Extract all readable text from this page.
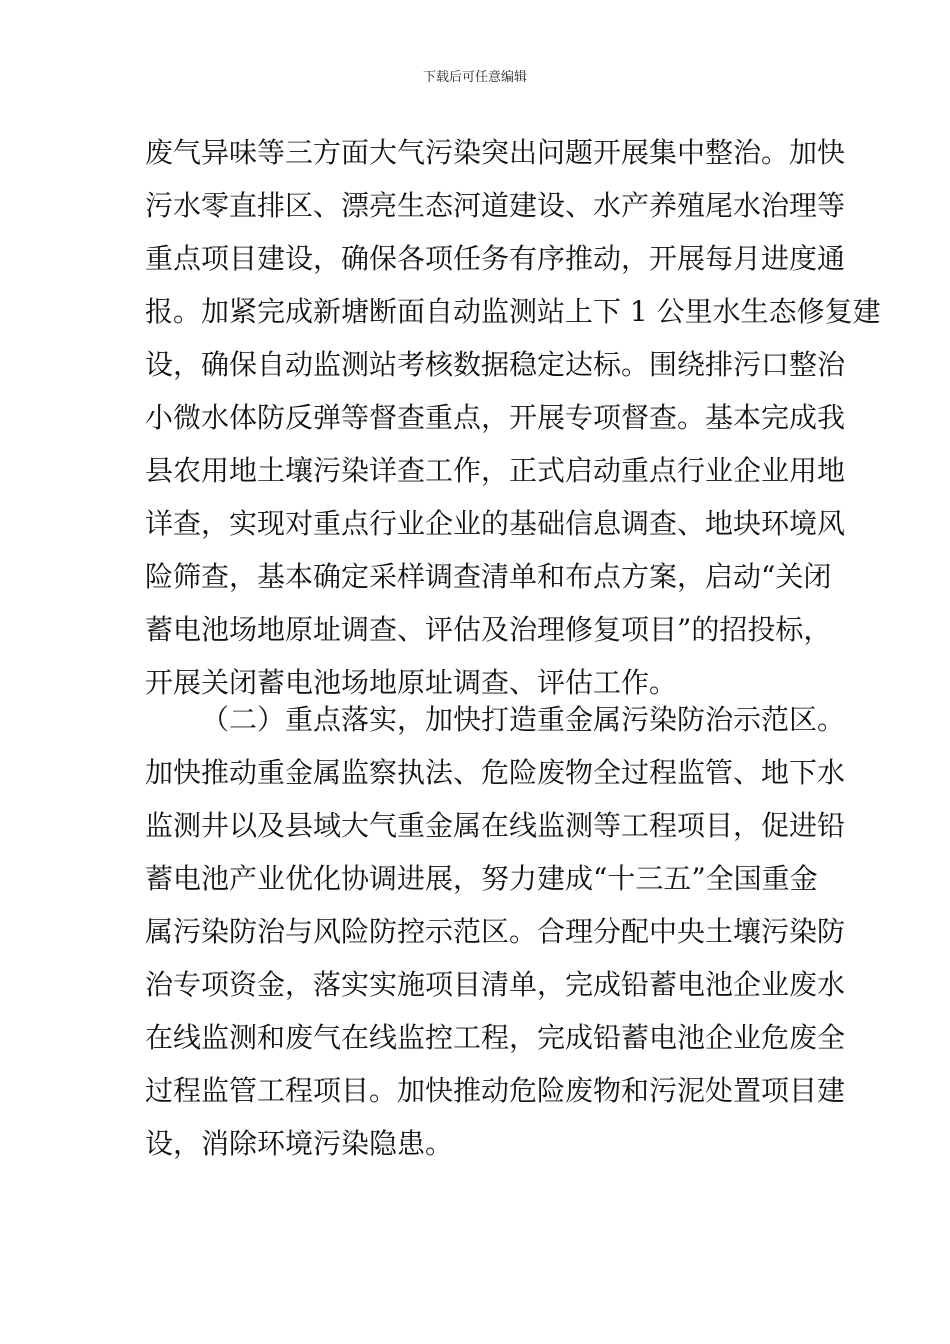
下载后可任意编辑
废气异味等三方面大气污染突出问题开展集中整治。加快
污水零直排区、漂亮生态河道建设、水产养殖尾水治理等
重点项目建设，确保各项任务有序推动，开展每月进度通
报。加紧完成新塘断面自动监测站上下 1 公里水生态修复建
设，确保自动监测站考核数据稳定达标。围绕排污口整治
小微水体防反弹等督查重点，开展专项督查。基本完成我
县农用地土壤污染详查工作，正式启动重点行业企业用地
详查，实现对重点行业企业的基础信息调查、地块环境风
险筛查，基本确定采样调查清单和布点方案，启动“关闭
蓄电池场地原址调查、评估及治理修复项目”的招投标，
开展关闭蓄电池场地原址调查、评估工作。
（二）重点落实，加快打造重金属污染防治示范区。
加快推动重金属监察执法、危险废物全过程监管、地下水
监测井以及县域大气重金属在线监测等工程项目，促进铅
蓄电池产业优化协调进展，努力建成“十三五”全国重金
属污染防治与风险防控示范区。合理分配中央土壤污染防
治专项资金，落实实施项目清单，完成铅蓄电池企业废水
在线监测和废气在线监控工程，完成铅蓄电池企业危废全
过程监管工程项目。加快推动危险废物和污泥处置项目建
设，消除环境污染隐患。
